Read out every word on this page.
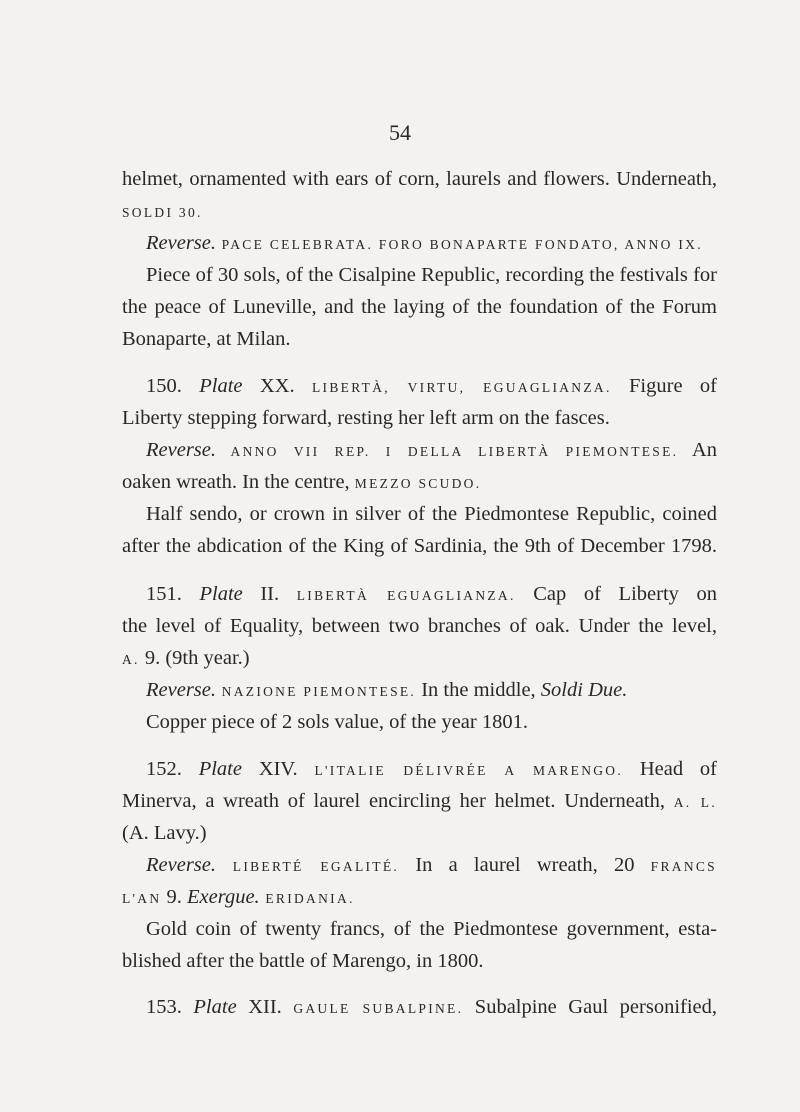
54
helmet, ornamented with ears of corn, laurels and flowers. Underneath,
SOLDI 30.
Reverse. PACE CELEBRATA. FORO BONAPARTE FONDATO, ANNO IX.
Piece of 30 sols, of the Cisalpine Republic, recording the festivals for
the peace of Luneville, and the laying of the foundation of the Forum
Bonaparte, at Milan.
150. Plate XX. LIBERTÀ, VIRTU, EGUAGLIANZA. Figure of
Liberty stepping forward, resting her left arm on the fasces.
Reverse. ANNO VII REP. I DELLA LIBERTÀ PIEMONTESE. An
oaken wreath. In the centre, MEZZO SCUDO.
Half sendo, or crown in silver of the Piedmontese Republic, coined
after the abdication of the King of Sardinia, the 9th of December 1798.
151. Plate II. LIBERTÀ EGUAGLIANZA. Cap of Liberty on
the level of Equality, between two branches of oak. Under the level,
A. 9. (9th year.)
Reverse. NAZIONE PIEMONTESE. In the middle, Soldi Due.
Copper piece of 2 sols value, of the year 1801.
152. Plate XIV. L'ITALIE DÉLIVRÉE A MARENGO. Head of
Minerva, a wreath of laurel encircling her helmet. Underneath, A. L.
(A. Lavy.)
Reverse. LIBERTÉ EGALITÉ. In a laurel wreath, 20 FRANCS
L'AN 9. Exergue. ERIDANIA.
Gold coin of twenty francs, of the Piedmontese government, esta-
blished after the battle of Marengo, in 1800.
153. Plate XII. GAULE SUBALPINE. Subalpine Gaul personified,
